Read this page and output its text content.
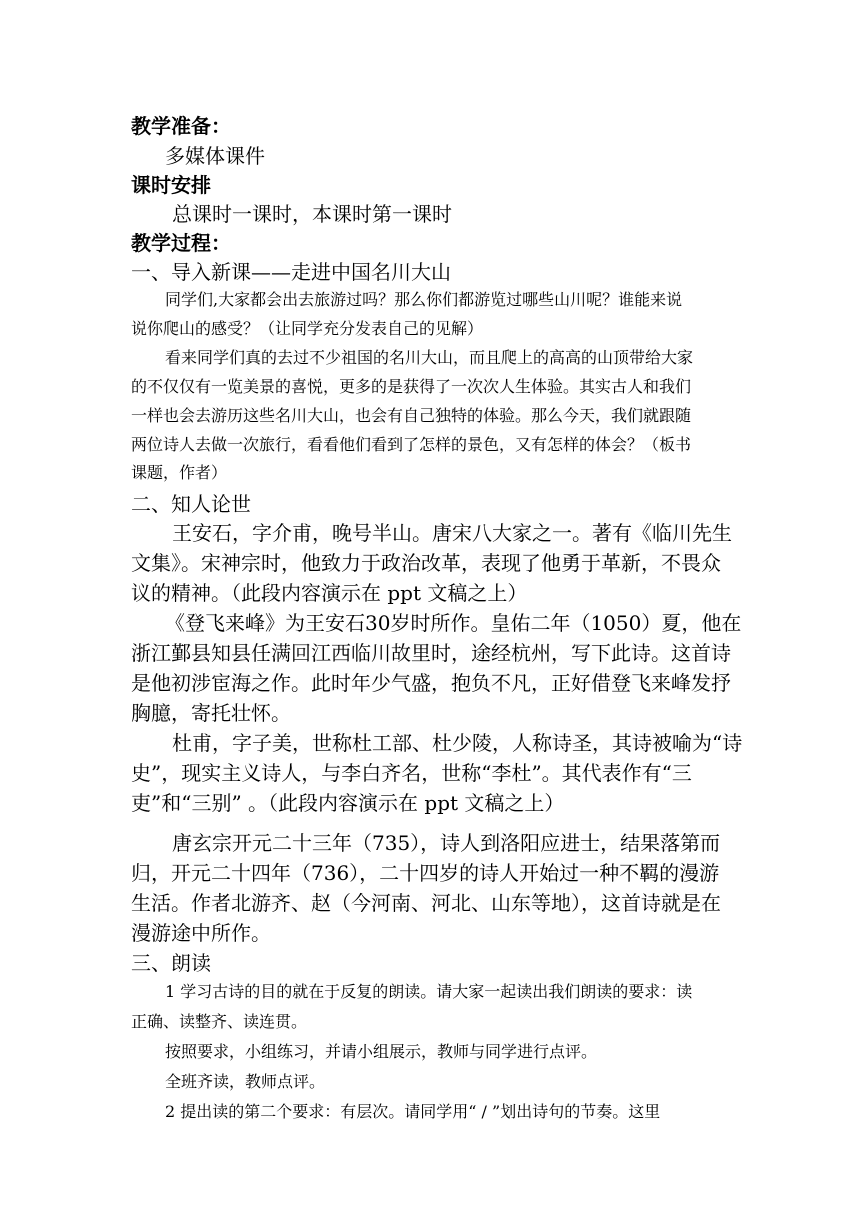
教学准备：
多媒体课件
课时安排
总课时一课时，本课时第一课时
教学过程：
一、导入新课——走进中国名川大山
同学们,大家都会出去旅游过吗？那么你们都游览过哪些山川呢？谁能来说
说你爬山的感受？（让同学充分发表自己的见解）
看来同学们真的去过不少祖国的名川大山，而且爬上的高高的山顶带给大家
的不仅仅有一览美景的喜悦，更多的是获得了一次次人生体验。其实古人和我们
一样也会去游历这些名川大山，也会有自己独特的体验。那么今天，我们就跟随
两位诗人去做一次旅行，看看他们看到了怎样的景色，又有怎样的体会？（板书
课题，作者）
二、知人论世
王安石，字介甫，晚号半山。唐宋八大家之一。著有《临川先生
文集》。宋神宗时，他致力于政治改革，表现了他勇于革新，不畏众
议的精神。（此段内容演示在 ppt 文稿之上）
《登飞来峰》为王安石30岁时所作。皇佑二年（1050）夏，他在
浙江鄞县知县任满回江西临川故里时，途经杭州，写下此诗。这首诗
是他初涉宦海之作。此时年少气盛，抱负不凡，正好借登飞来峰发抒
胸臆，寄托壮怀。
杜甫，字子美，世称杜工部、杜少陵，人称诗圣，其诗被喻为“诗
史”，现实主义诗人，与李白齐名，世称“李杜”。其代表作有“三
吏”和“三别” 。（此段内容演示在 ppt 文稿之上）
唐玄宗开元二十三年（735），诗人到洛阳应进士，结果落第而
归，开元二十四年（736），二十四岁的诗人开始过一种不羁的漫游
生活。作者北游齐、赵（今河南、河北、山东等地），这首诗就是在
漫游途中所作。
三、朗读
1 学习古诗的目的就在于反复的朗读。请大家一起读出我们朗读的要求：读
正确、读整齐、读连贯。
按照要求，小组练习，并请小组展示，教师与同学进行点评。
全班齐读，教师点评。
2 提出读的第二个要求：有层次。请同学用“ / ”划出诗句的节奏。这里
